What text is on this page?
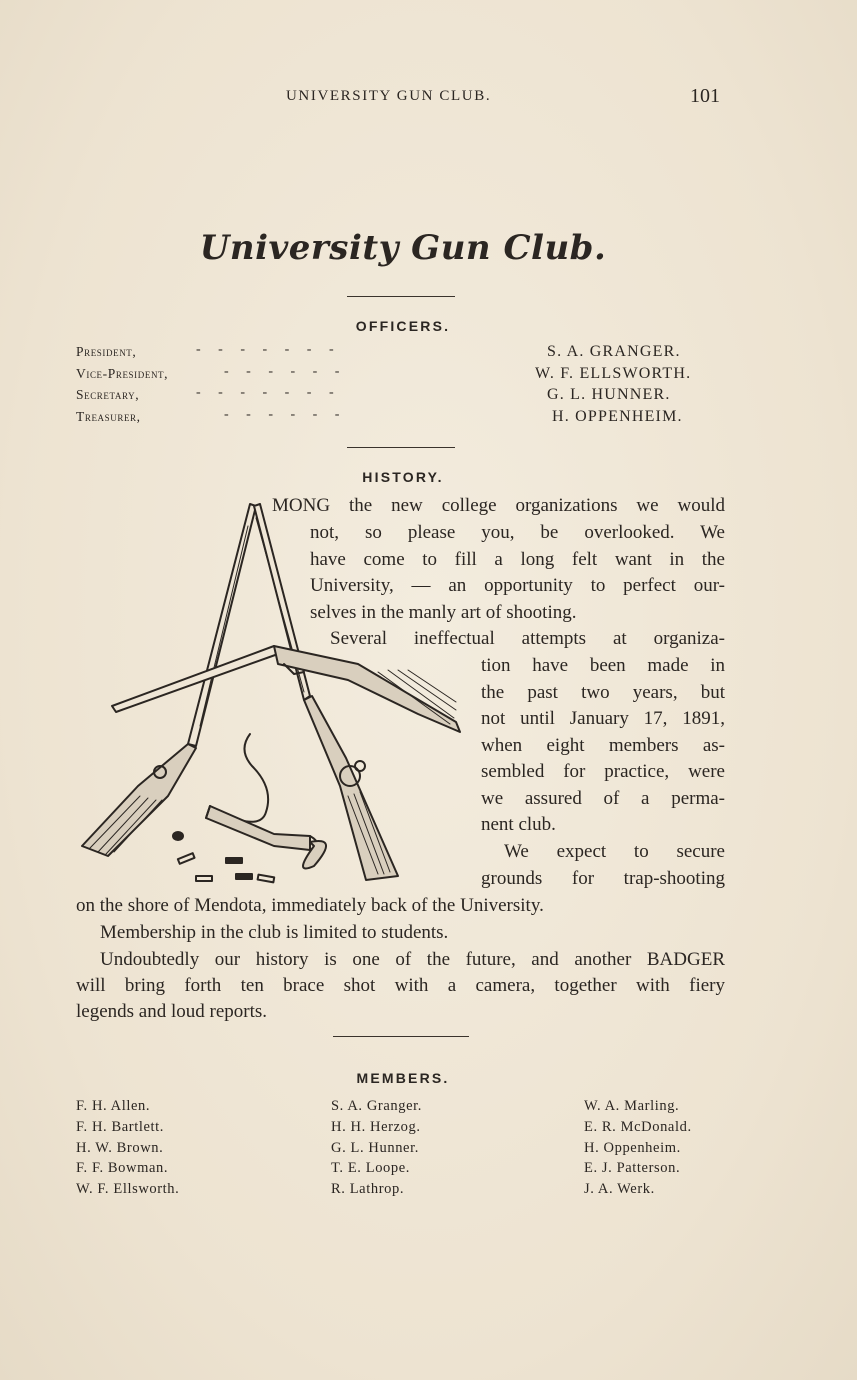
UNIVERSITY GUN CLUB.	101
University Gun Club.
OFFICERS.
President,	-     -     -     -     -     -     -	S. A. GRANGER.
Vice-President,	-     -     -     -     -     -	W. F. ELLSWORTH.
Secretary,	-     -     -     -     -     -     -	G. L. HUNNER.
Treasurer,	-     -     -     -     -     -	H. OPPENHEIM.
HISTORY.
MONG the new college organizations we would
not, so please you, be overlooked. We
have come to fill a long felt want in the
University, — an opportunity to perfect our-
selves in the manly art of shooting.
Several ineffectual attempts at organiza-
tion have been made in
the past two years, but
not until January 17, 1891,
when eight members as-
sembled for practice, were
we assured of a perma-
nent club.
We expect to secure
grounds for trap-shooting
on the shore of Mendota, immediately back of the University.
Membership in the club is limited to students.
Undoubtedly our history is one of the future, and another BADGER
will bring forth ten brace shot with a camera, together with fiery
legends and loud reports.
MEMBERS.
F. H. Allen.
F. H. Bartlett.
H. W. Brown.
F. F. Bowman.
W. F. Ellsworth.
S. A. Granger.
H. H. Herzog.
G. L. Hunner.
T. E. Loope.
R. Lathrop.
W. A. Marling.
E. R. McDonald.
H. Oppenheim.
E. J. Patterson.
J. A. Werk.
